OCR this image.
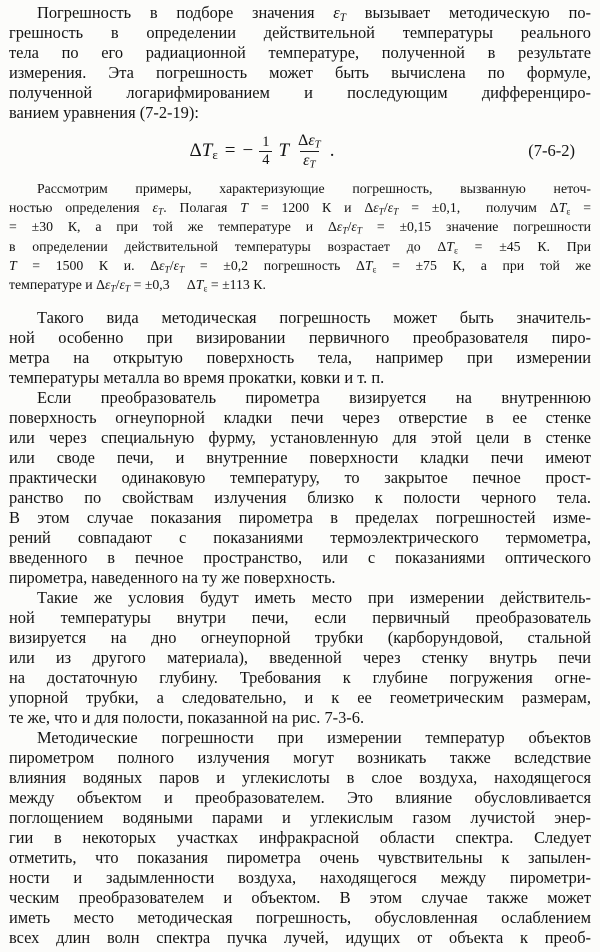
Погрешность в подборе значения $\varepsilon_T$ вызывает методическую по-
грешность в определении действительной температуры реального
тела по его радиационной температуре, полученной в результате
измерения. Эта погрешность может быть вычислена по формуле,
полученной логарифмированием и последующим дифференциро-
ванием уравнения (7-2-19):
$\Delta T_\varepsilon$ = − $\frac{1}{4}$ T $\frac{\Delta\varepsilon_T}{\varepsilon_T}$ .	(7-6-2)
Рассмотрим примеры, характеризующие погрешность, вызванную неточ-
ностью определения $\varepsilon_T$. Полагая T = 1200 К и $\Delta\varepsilon_T/\varepsilon_T = \pm 0,1$,  получим $\Delta T_\varepsilon$ =
= ±30 К, а при той же температуре и $\Delta\varepsilon_T/\varepsilon_T = \pm 0,15$ значение погрешности
в определении действительной температуры возрастает до $\Delta T_\varepsilon = \pm 45$ К. При
T = 1500 К и. $\Delta\varepsilon_T/\varepsilon_T = \pm 0,2$ погрешность $\Delta T_\varepsilon = \pm 75$ К, а при той же
температуре и $\Delta\varepsilon_T/\varepsilon_T = \pm 0,3$     $\Delta T_\varepsilon = \pm 113$ К.
Такого вида методическая погрешность может быть значитель-
ной особенно при визировании первичного преобразователя пиро-
метра на открытую поверхность тела, например при измерении
температуры металла во время прокатки, ковки и т. п.
Если преобразователь пирометра визируется на внутреннюю
поверхность огнеупорной кладки печи через отверстие в ее стенке
или через специальную фурму, установленную для этой цели в стенке
или своде печи, и внутренние поверхности кладки печи имеют
практически одинаковую температуру, то закрытое печное прост-
ранство по свойствам излучения близко к полости черного тела.
В этом случае показания пирометра в пределах погрешностей изме-
рений совпадают с показаниями термоэлектрического термометра,
введенного в печное пространство, или с показаниями оптического
пирометра, наведенного на ту же поверхность.
Такие же условия будут иметь место при измерении действитель-
ной температуры внутри печи, если первичный преобразователь
визируется на дно огнеупорной трубки (карборундовой, стальной
или из другого материала), введенной через стенку внутрь печи
на достаточную глубину. Требования к глубине погружения огне-
упорной трубки, а следовательно, и к ее геометрическим размерам,
те же, что и для полости, показанной на рис. 7-3-6.
Методические погрешности при измерении температур объектов
пирометром полного излучения могут возникать также вследствие
влияния водяных паров и углекислоты в слое воздуха, находящегося
между объектом и преобразователем. Это влияние обусловливается
поглощением водяными парами и углекислым газом лучистой энер-
гии в некоторых участках инфракрасной области спектра. Следует
отметить, что показания пирометра очень чувствительны к запылен-
ности и задымленности воздуха, находящегося между пирометри-
ческим преобразователем и объектом. В этом случае также может
иметь место методическая погрешность, обусловленная ослаблением
всех длин волн спектра пучка лучей, идущих от объекта к преоб-
